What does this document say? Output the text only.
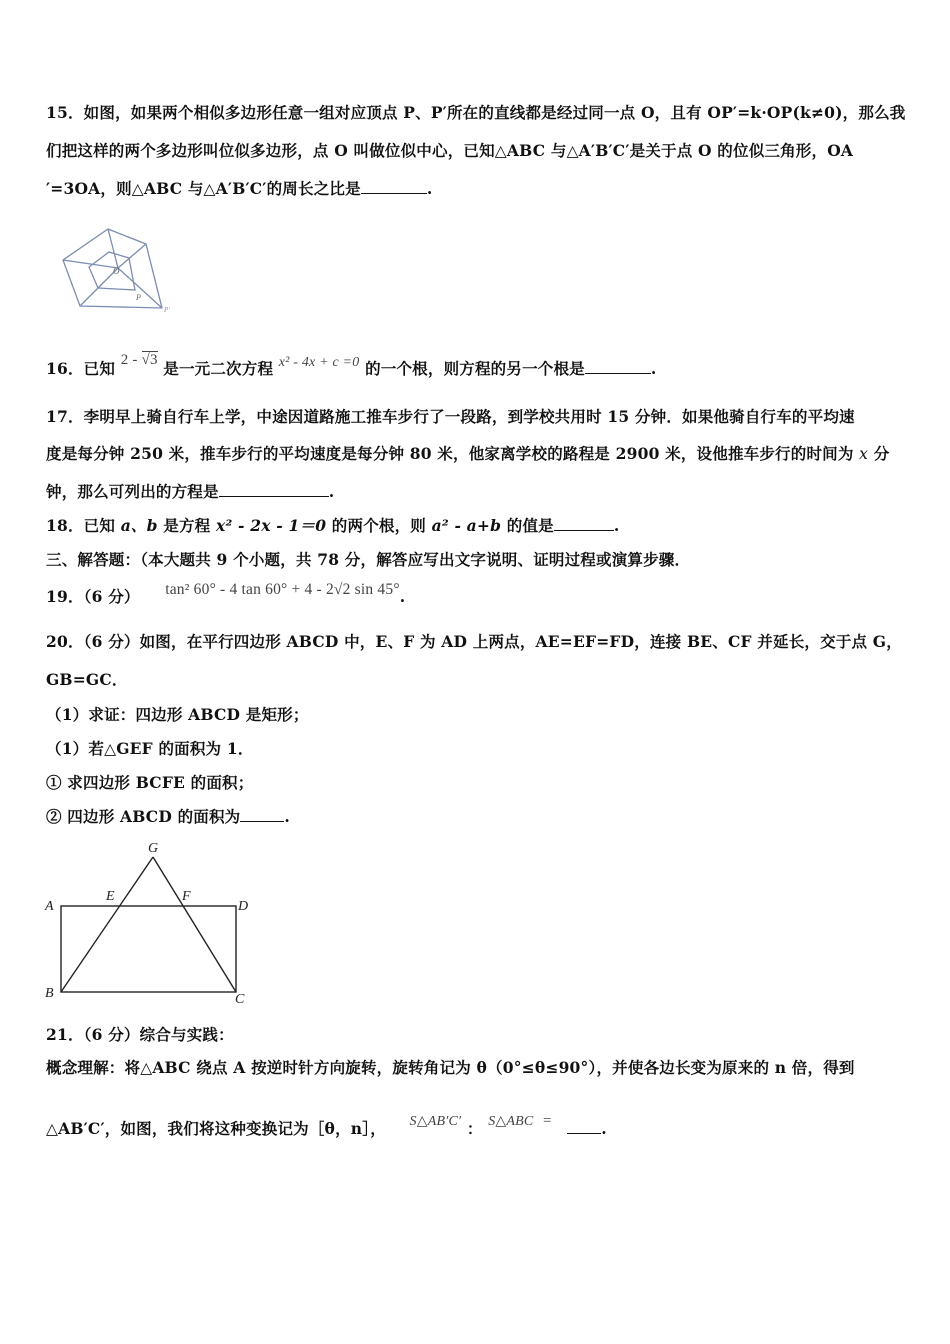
15．如图，如果两个相似多边形任意一组对应顶点 P、P′所在的直线都是经过同一点 O，且有 OP′=k·OP(k≠0)，那么我
们把这样的两个多边形叫位似多边形，点 O 叫做位似中心，已知△ABC 与△A′B′C′是关于点 O 的位似三角形，OA
′=3OA，则△ABC 与△A′B′C′的周长之比是	.
O
P
P′
16．已知 2 - √3 是一元二次方程 x² - 4x + c =0 的一个根，则方程的另一个根是	.
17．李明早上骑自行车上学，中途因道路施工推车步行了一段路，到学校共用时 15 分钟．如果他骑自行车的平均速
度是每分钟 250 米，推车步行的平均速度是每分钟 80 米，他家离学校的路程是 2900 米，设他推车步行的时间为 x 分
钟，那么可列出的方程是	.
18．已知 a、b 是方程 x² - 2x - 1＝0 的两个根，则 a² - a+b 的值是	.
三、解答题：（本大题共 9 个小题，共 78 分，解答应写出文字说明、证明过程或演算步骤．
19．（6 分） tan² 60° - 4 tan 60° + 4 - 2√2 sin 45°.
20．（6 分）如图，在平行四边形 ABCD 中，E、F 为 AD 上两点，AE=EF=FD，连接 BE、CF 并延长，交于点 G，
GB=GC．
（1）求证：四边形 ABCD 是矩形；
（1）若△GEF 的面积为 1．
① 求四边形 BCFE 的面积；
② 四边形 ABCD 的面积为	.
G
A
E	F
D
B	C
21．（6 分）综合与实践：
概念理解：将△ABC 绕点 A 按逆时针方向旋转，旋转角记为 θ（0°≤θ≤90°），并使各边长变为原来的 n 倍，得到
△AB′C′，如图，我们将这种变换记为［θ，n］， S△AB′C′ ： S△ABC =	.
